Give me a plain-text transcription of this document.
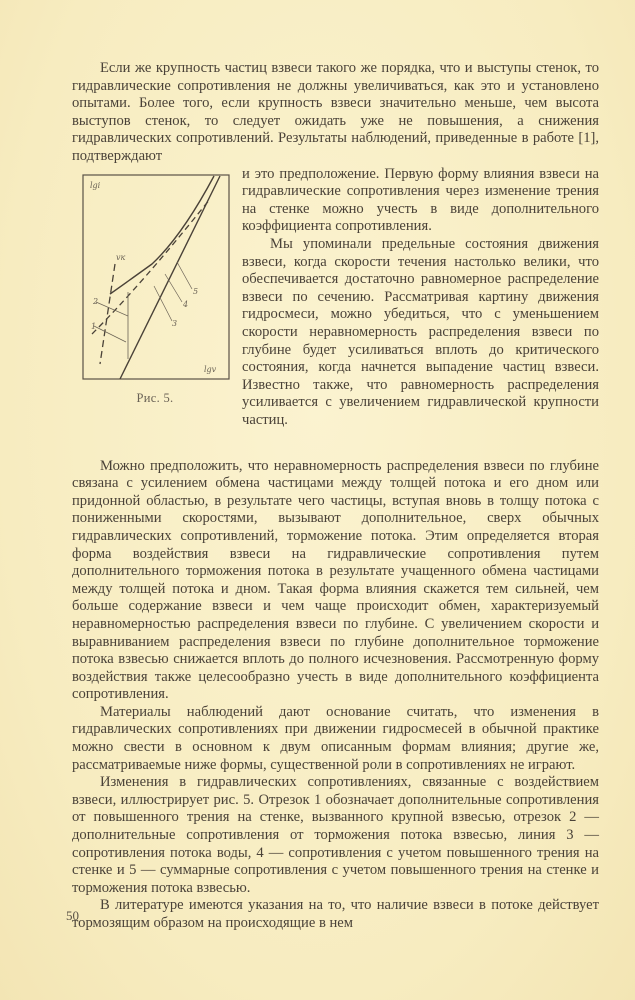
Если же крупность частиц взвеси такого же порядка, что и выступы стенок, то гидравлические сопротивления не должны увеличиваться, как это и установлено опытами. Более того, если крупность взвеси значительно меньше, чем высота выступов стенок, то следует ожидать уже не повышения, а снижения гидравлических сопротивлений. Результаты наблюдений, приведенные в работе [1], подтверждают

lgi
lgv
vк
1
2
3
4
5
Рис. 5.

и это предположение. Первую форму влияния взвеси на гидравлические сопротивления через изменение трения на стенке можно учесть в виде дополнительного коэффициента сопротивления.

Мы упоминали предельные состояния движения взвеси, когда скорости течения настолько велики, что обеспечивается достаточно равномерное распределение взвеси по сечению. Рассматривая картину движения гидросмеси, можно убедиться, что с уменьшением скорости неравномерность распределения взвеси по глубине будет усиливаться вплоть до критического состояния, когда начнется выпадение частиц взвеси. Известно также, что равномерность распределения усиливается с увеличением гидравлической крупности частиц.

Можно предположить, что неравномерность распределения взвеси по глубине связана с усилением обмена частицами между толщей потока и его дном или придонной областью, в результате чего частицы, вступая вновь в толщу потока с пониженными скоростями, вызывают дополнительное, сверх обычных гидравлических сопротивлений, торможение потока. Этим определяется вторая форма воздействия взвеси на гидравлические сопротивления путем дополнительного торможения потока в результате учащенного обмена частицами между толщей потока и дном. Такая форма влияния скажется тем сильней, чем больше содержание взвеси и чем чаще происходит обмен, характеризуемый неравномерностью распределения взвеси по глубине. С увеличением скорости и выравниванием распределения взвеси по глубине дополнительное торможение потока взвесью снижается вплоть до полного исчезновения. Рассмотренную форму воздействия также целесообразно учесть в виде дополнительного коэффициента сопротивления.

Материалы наблюдений дают основание считать, что изменения в гидравлических сопротивлениях при движении гидросмесей в обычной практике можно свести в основном к двум описанным формам влияния; другие же, рассматриваемые ниже формы, существенной роли в сопротивлениях не играют.

Изменения в гидравлических сопротивлениях, связанные с воздействием взвеси, иллюстрирует рис. 5. Отрезок 1 обозначает дополнительные сопротивления от повышенного трения на стенке, вызванного крупной взвесью, отрезок 2 — дополнительные сопротивления от торможения потока взвесью, линия 3 — сопротивления потока воды, 4 — сопротивления с учетом повышенного трения на стенке и 5 — суммарные сопротивления с учетом повышенного трения на стенке и торможения потока взвесью.

В литературе имеются указания на то, что наличие взвеси в потоке действует тормозящим образом на происходящие в нем

50
